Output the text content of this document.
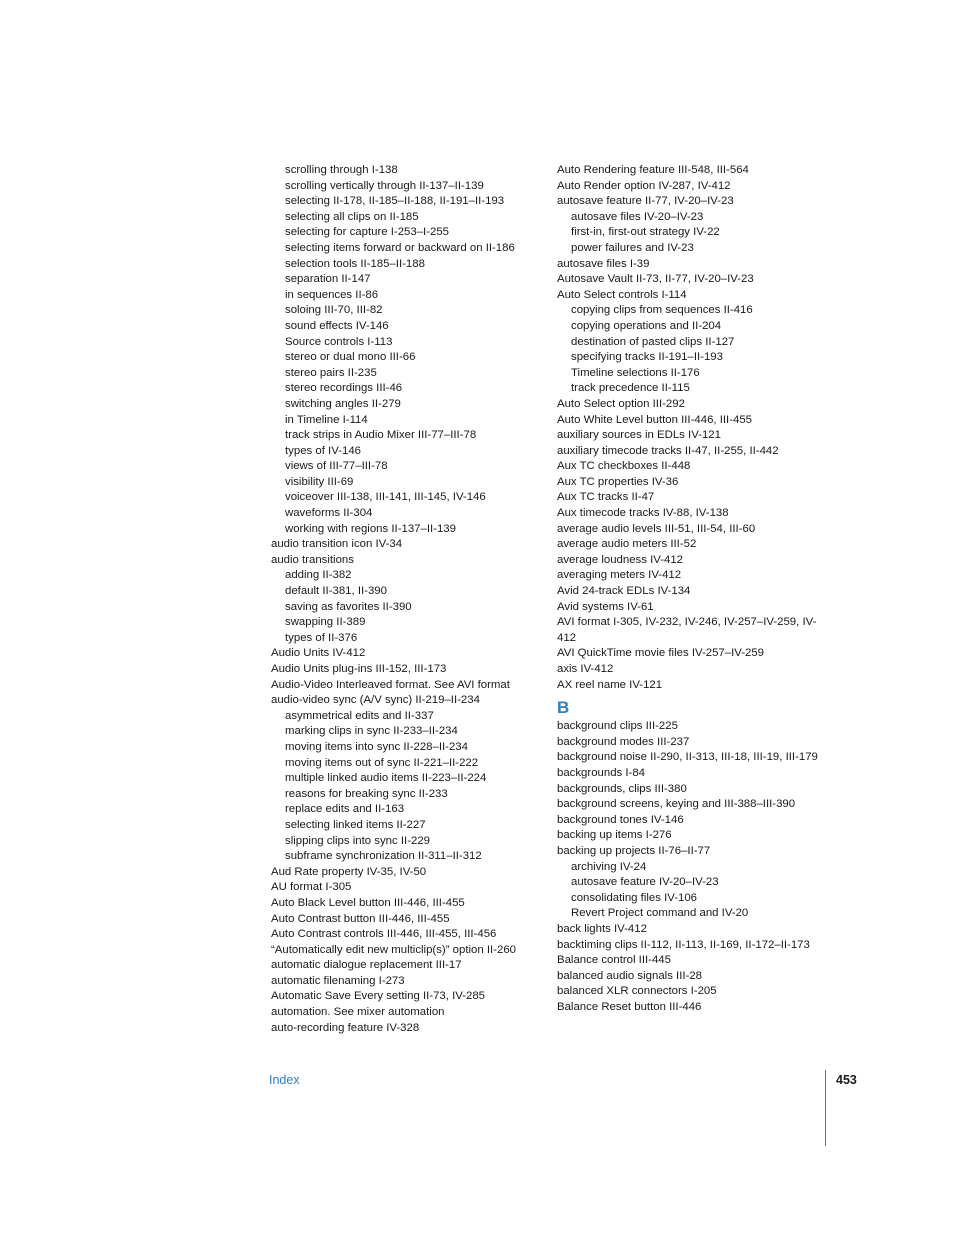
scrolling through I-138
scrolling vertically through II-137–II-139
selecting II-178, II-185–II-188, II-191–II-193
selecting all clips on II-185
selecting for capture I-253–I-255
selecting items forward or backward on II-186
selection tools II-185–II-188
separation II-147
in sequences II-86
soloing III-70, III-82
sound effects IV-146
Source controls I-113
stereo or dual mono III-66
stereo pairs II-235
stereo recordings III-46
switching angles II-279
in Timeline I-114
track strips in Audio Mixer III-77–III-78
types of IV-146
views of III-77–III-78
visibility III-69
voiceover III-138, III-141, III-145, IV-146
waveforms II-304
working with regions II-137–II-139
audio transition icon IV-34
audio transitions
adding II-382
default II-381, II-390
saving as favorites II-390
swapping II-389
types of II-376
Audio Units IV-412
Audio Units plug-ins III-152, III-173
Audio-Video Interleaved format. See AVI format
audio-video sync (A/V sync) II-219–II-234
asymmetrical edits and II-337
marking clips in sync II-233–II-234
moving items into sync II-228–II-234
moving items out of sync II-221–II-222
multiple linked audio items II-223–II-224
reasons for breaking sync II-233
replace edits and II-163
selecting linked items II-227
slipping clips into sync II-229
subframe synchronization II-311–II-312
Aud Rate property IV-35, IV-50
AU format I-305
Auto Black Level button III-446, III-455
Auto Contrast button III-446, III-455
Auto Contrast controls III-446, III-455, III-456
“Automatically edit new multiclip(s)” option II-260
automatic dialogue replacement III-17
automatic filenaming I-273
Automatic Save Every setting II-73, IV-285
automation. See mixer automation
auto-recording feature IV-328
Auto Rendering feature III-548, III-564
Auto Render option IV-287, IV-412
autosave feature II-77, IV-20–IV-23
autosave files IV-20–IV-23
first-in, first-out strategy IV-22
power failures and IV-23
autosave files I-39
Autosave Vault II-73, II-77, IV-20–IV-23
Auto Select controls I-114
copying clips from sequences II-416
copying operations and II-204
destination of pasted clips II-127
specifying tracks II-191–II-193
Timeline selections II-176
track precedence II-115
Auto Select option III-292
Auto White Level button III-446, III-455
auxiliary sources in EDLs IV-121
auxiliary timecode tracks II-47, II-255, II-442
Aux TC checkboxes II-448
Aux TC properties IV-36
Aux TC tracks II-47
Aux timecode tracks IV-88, IV-138
average audio levels III-51, III-54, III-60
average audio meters III-52
average loudness IV-412
averaging meters IV-412
Avid 24-track EDLs IV-134
Avid systems IV-61
AVI format I-305, IV-232, IV-246, IV-257–IV-259, IV-412
AVI QuickTime movie files IV-257–IV-259
axis IV-412
AX reel name IV-121
B
background clips III-225
background modes III-237
background noise II-290, II-313, III-18, III-19, III-179
backgrounds I-84
backgrounds, clips III-380
background screens, keying and III-388–III-390
background tones IV-146
backing up items I-276
backing up projects II-76–II-77
archiving IV-24
autosave feature IV-20–IV-23
consolidating files IV-106
Revert Project command and IV-20
back lights IV-412
backtiming clips II-112, II-113, II-169, II-172–II-173
Balance control III-445
balanced audio signals III-28
balanced XLR connectors I-205
Balance Reset button III-446
Index	453
